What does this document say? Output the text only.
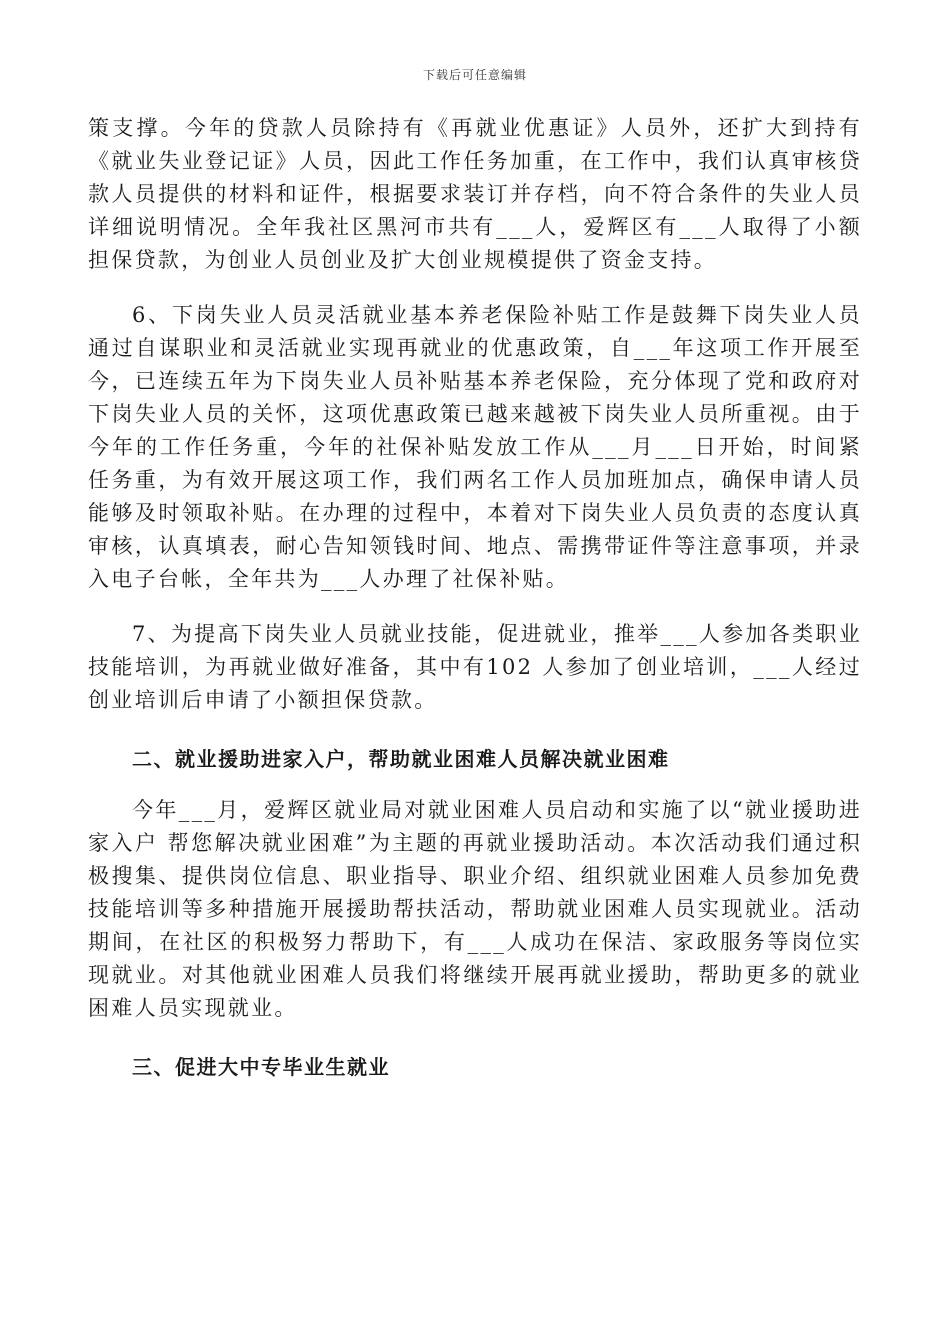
下载后可任意编辑

策支撑。今年的贷款人员除持有《再就业优惠证》人员外，还扩大到持有《就业失业登记证》人员，因此工作任务加重，在工作中，我们认真审核贷款人员提供的材料和证件，根据要求装订并存档，向不符合条件的失业人员详细说明情况。全年我社区黑河市共有___人，爱辉区有___人取得了小额担保贷款，为创业人员创业及扩大创业规模提供了资金支持。

6、下岗失业人员灵活就业基本养老保险补贴工作是鼓舞下岗失业人员通过自谋职业和灵活就业实现再就业的优惠政策，自___年这项工作开展至今，已连续五年为下岗失业人员补贴基本养老保险，充分体现了党和政府对下岗失业人员的关怀，这项优惠政策已越来越被下岗失业人员所重视。由于今年的工作任务重，今年的社保补贴发放工作从___月___日开始，时间紧任务重，为有效开展这项工作，我们两名工作人员加班加点，确保申请人员能够及时领取补贴。在办理的过程中，本着对下岗失业人员负责的态度认真审核，认真填表，耐心告知领钱时间、地点、需携带证件等注意事项，并录入电子台帐，全年共为___人办理了社保补贴。

7、为提高下岗失业人员就业技能，促进就业，推举___人参加各类职业技能培训，为再就业做好准备，其中有102 人参加了创业培训，___人经过创业培训后申请了小额担保贷款。

二、就业援助进家入户，帮助就业困难人员解决就业困难

今年___月，爱辉区就业局对就业困难人员启动和实施了以“就业援助进家入户 帮您解决就业困难”为主题的再就业援助活动。本次活动我们通过积极搜集、提供岗位信息、职业指导、职业介绍、组织就业困难人员参加免费技能培训等多种措施开展援助帮扶活动，帮助就业困难人员实现就业。活动期间，在社区的积极努力帮助下，有___人成功在保洁、家政服务等岗位实现就业。对其他就业困难人员我们将继续开展再就业援助，帮助更多的就业困难人员实现就业。

三、促进大中专毕业生就业
